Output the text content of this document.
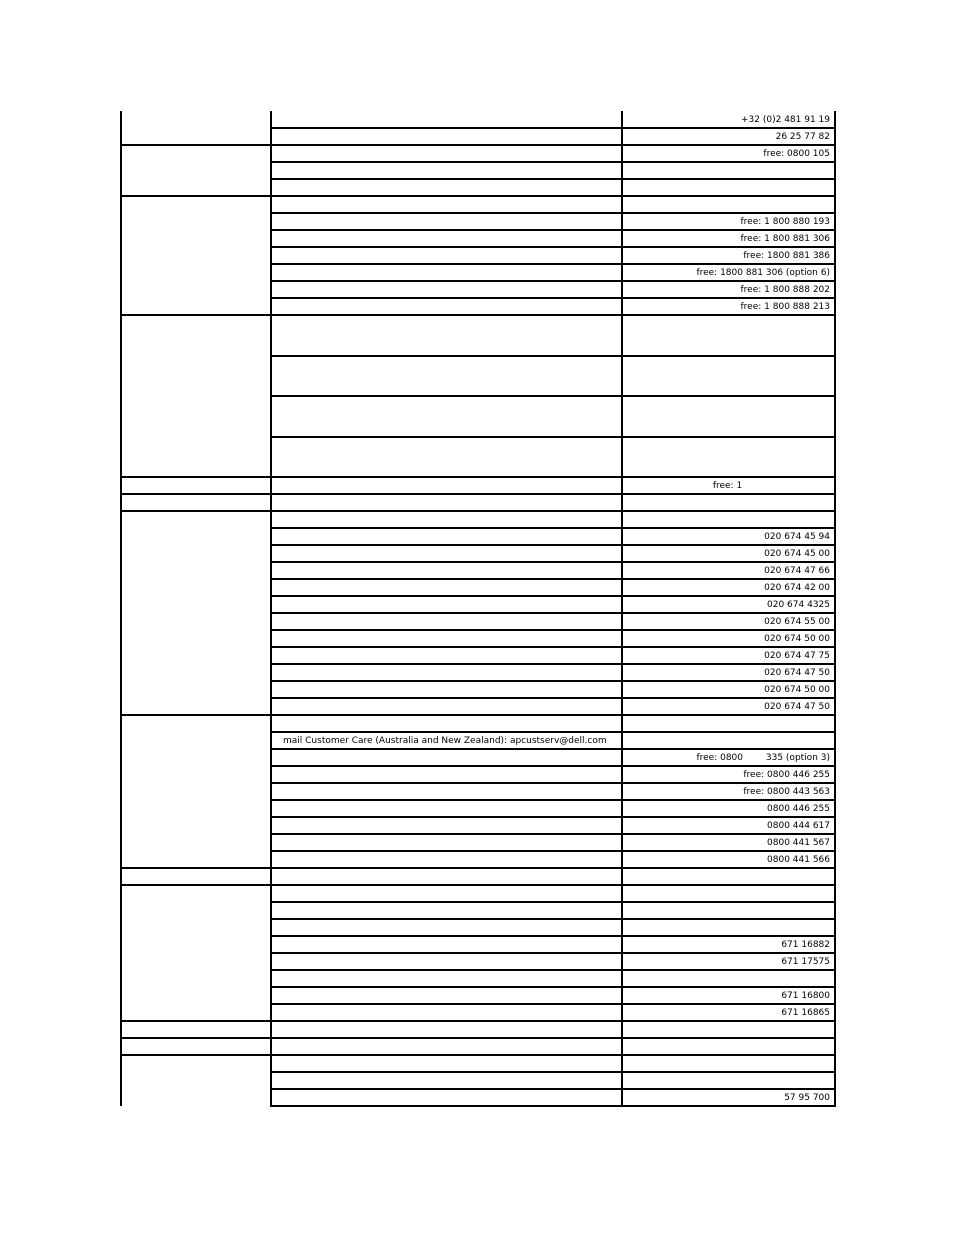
+32 (0)2 481 91 19
26 25 77 82
free: 0800 105
free: 1 800 880 193
free: 1 800 881 306
free: 1800 881 386
free: 1800 881 306 (option 6)
free: 1 800 888 202
free: 1 800 888 213
free: 1
020 674 45 94
020 674 45 00
020 674 47 66
020 674 42 00
020 674 4325
020 674 55 00
020 674 50 00
020 674 47 75
020 674 47 50
020 674 50 00
020 674 47 50
mail Customer Care (Australia and New Zealand): apcustserv@dell.com
free: 0800        335 (option 3)
free: 0800 446 255
free: 0800 443 563
0800 446 255
0800 444 617
0800 441 567
0800 441 566
671 16882
671 17575
671 16800
671 16865
57 95 700
